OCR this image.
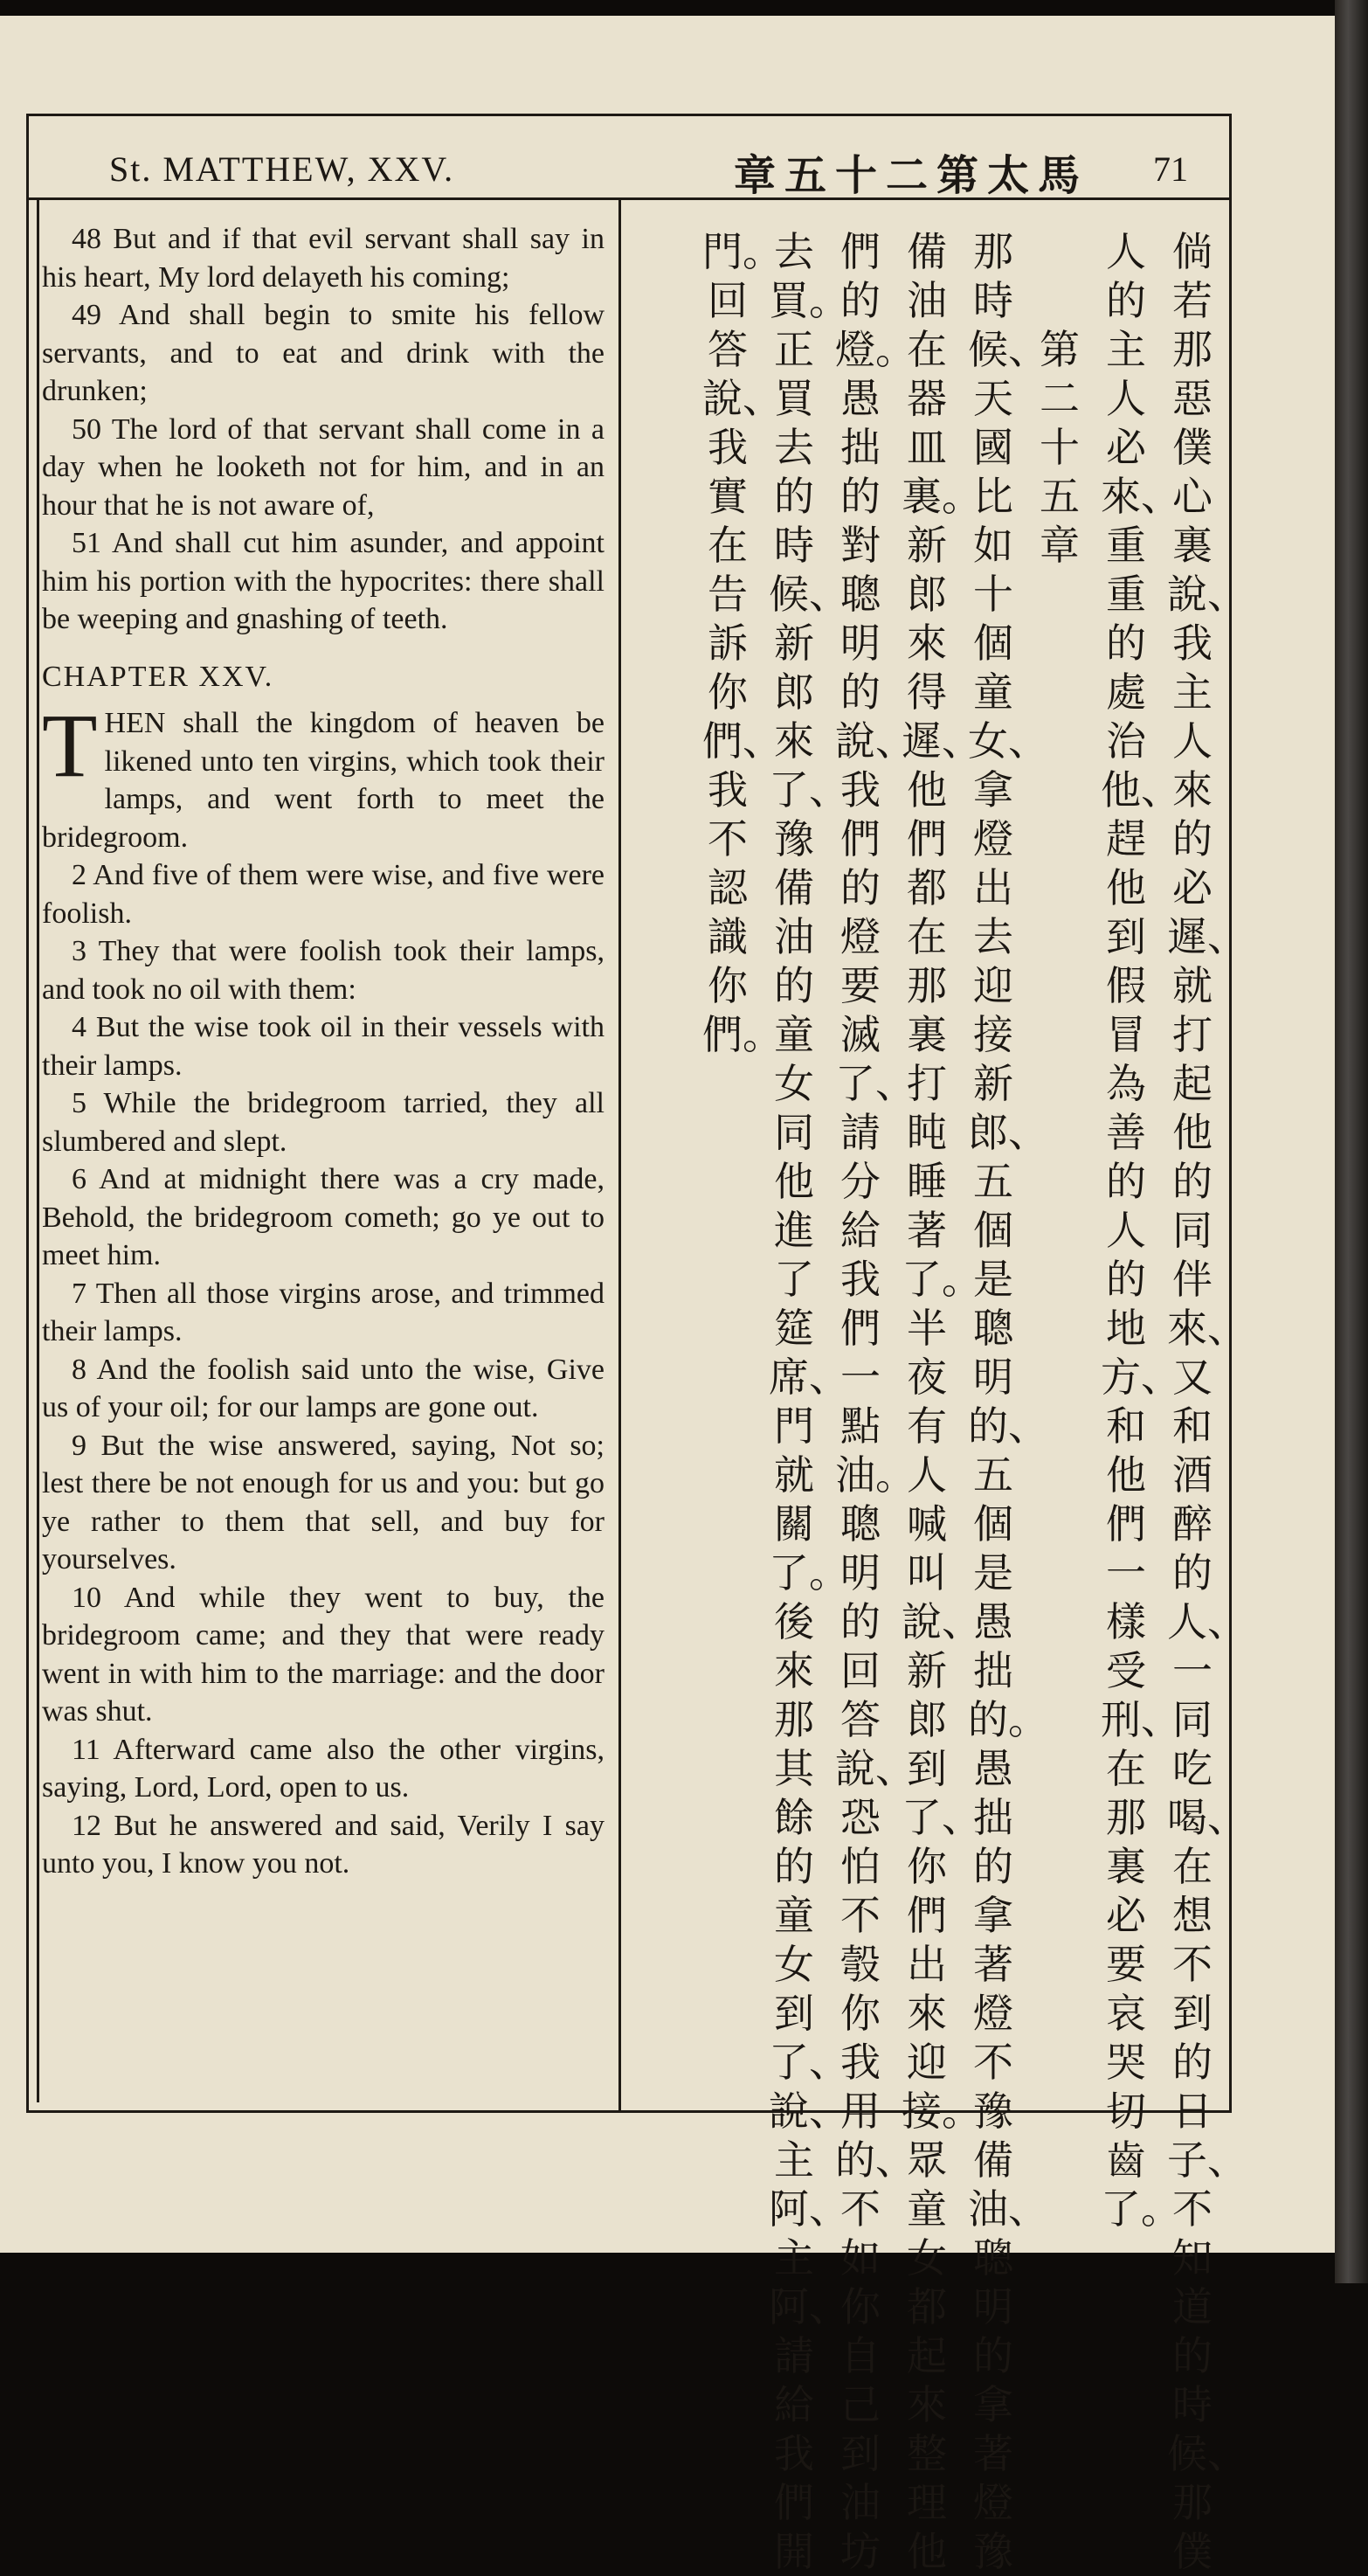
St. MATTHEW, XXV.	章五十二第太馬 71

48 But and if that evil servant shall say in his heart, My lord delayeth his coming;

49 And shall begin to smite his fellow servants, and to eat and drink with the drunken;

50 The lord of that servant shall come in a day when he looketh not for him, and in an hour that he is not aware of,

51 And shall cut him asunder, and appoint him his portion with the hypocrites: there shall be weeping and gnashing of teeth.

CHAPTER XXV.

THEN shall the kingdom of heaven be likened unto ten virgins, which took their lamps, and went forth to meet the bridegroom.

2 And five of them were wise, and five were foolish.

3 They that were foolish took their lamps, and took no oil with them:

4 But the wise took oil in their vessels with their lamps.

5 While the bridegroom tarried, they all slumbered and slept.

6 And at midnight there was a cry made, Behold, the bridegroom cometh; go ye out to meet him.

7 Then all those virgins arose, and trimmed their lamps.

8 And the foolish said unto the wise, Give us of your oil; for our lamps are gone out.

9 But the wise answered, saying, Not so; lest there be not enough for us and you: but go ye rather to them that sell, and buy for yourselves.

10 And while they went to buy, the bridegroom came; and they that were ready went in with him to the marriage: and the door was shut.

11 Afterward came also the other virgins, saying, Lord, Lord, open to us.

12 But he answered and said, Verily I say unto you, I know you not.

倘若那惡僕心裏說、我主人來的必遲、就打起他的同伴來、又和酒醉的人、一同吃喝、在想不到的日子、不知道的時候、那僕
人的主人必來、重重的處治他、趕他到假冒為善的人的地方、和他們一樣受刑、在那裏必要哀哭切齒了。
第二十五章
那時候、天國比如十個童女、拿燈出去迎接新郎、五個是聰明的、五個是愚拙的。愚拙的拿著燈不豫備油、聰明的拿著燈豫
備油在器皿裏。新郎來得遲、他們都在那裏打盹睡著了。半夜有人喊叫說、新郎到了、你們出來迎接。眾童女都起來整理他
們的燈。愚拙的對聰明的說、我們的燈要滅了、請分給我們一點油。聰明的回答說、恐怕不彀你我用的、不如你自己到油坊
去買。正買去的時候、新郎來了、豫備油的童女同他進了筵席、門就關了。後來那其餘的童女到了、說、主阿、主阿、請給我們開
門。回答說、我實在告訴你們、我不認識你們。
